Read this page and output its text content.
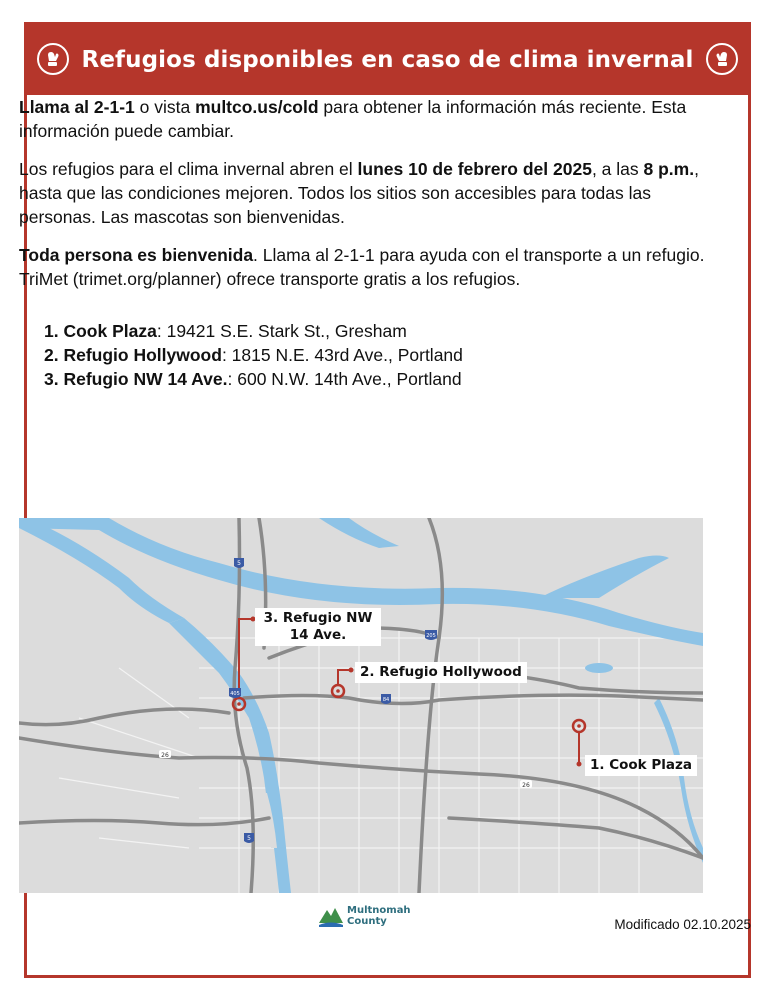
Refugios disponibles en caso de clima invernal

Llama al 2-1-1 o vista multco.us/cold para obtener la información más reciente. Esta información puede cambiar.

Los refugios para el clima invernal abren el lunes 10 de febrero del 2025, a las 8 p.m., hasta que las condiciones mejoren. Todos los sitios son accesibles para todas las personas. Las mascotas son bienvenidas.

Toda persona es bienvenida. Llama al 2-1-1 para ayuda con el transporte a un refugio. TriMet (trimet.org/planner) ofrece transporte gratis a los refugios.

1. Cook Plaza: 19421 S.E. Stark St., Gresham
2. Refugio Hollywood: 1815 N.E. 43rd Ave., Portland
3. Refugio NW 14 Ave.: 600 N.W. 14th Ave., Portland
5
5
205
405
84
26
26
3. Refugio NW
14 Ave.
2. Refugio Hollywood
1. Cook Plaza
Multnomah
County	Modificado 02.10.2025
